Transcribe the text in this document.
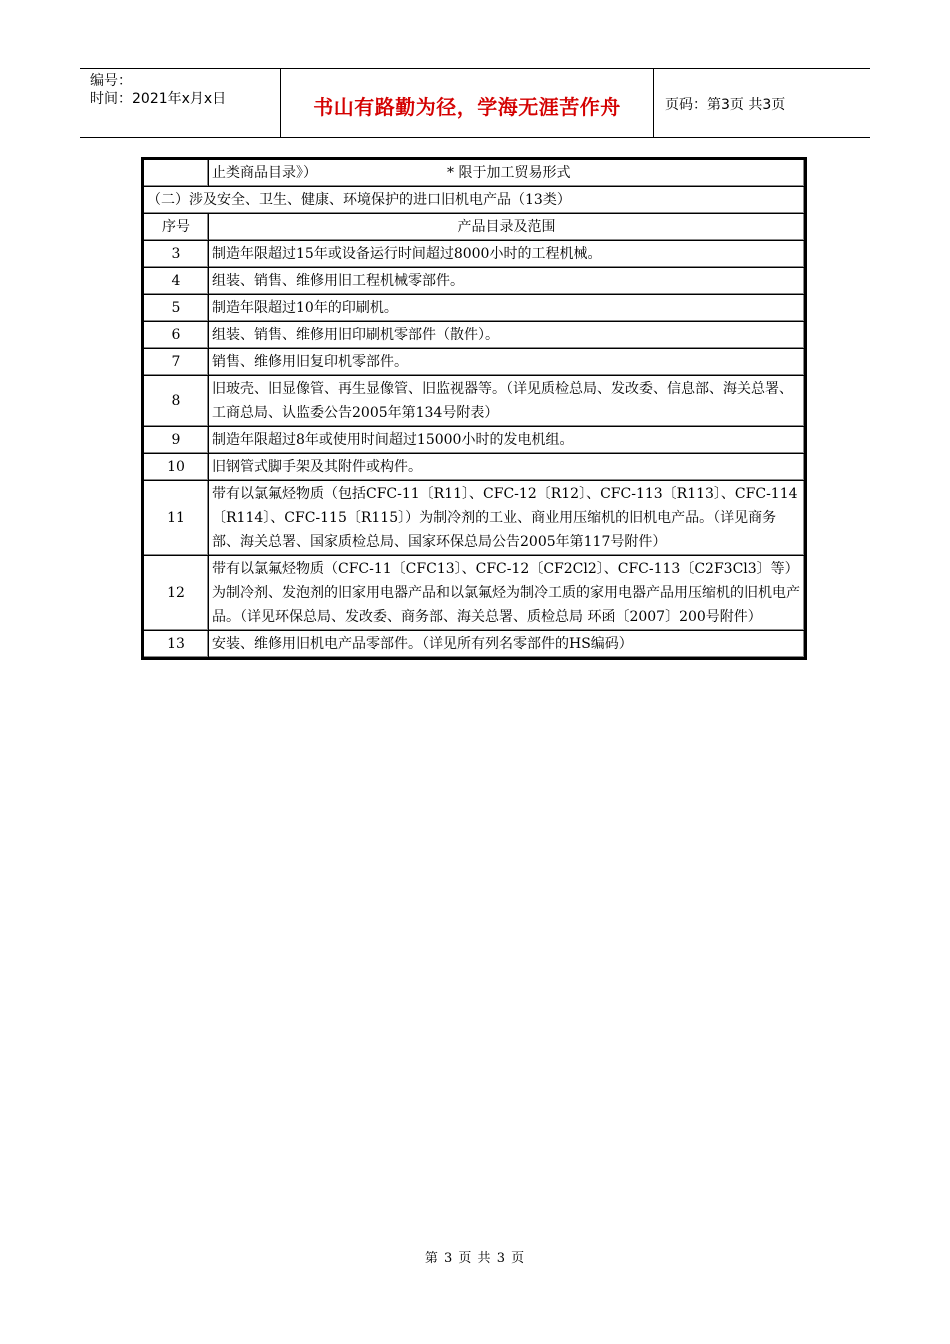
编号：
时间：2021年x月x日	书山有路勤为径，学海无涯苦作舟	页码：第3页 共3页
	止类商品目录》） * 限于加工贸易形式
（二）涉及安全、卫生、健康、环境保护的进口旧机电产品（13类）	
序号	产品目录及范围
3	制造年限超过15年或设备运行时间超过8000小时的工程机械。
4	组装、销售、维修用旧工程机械零部件。
5	制造年限超过10年的印刷机。
6	组装、销售、维修用旧印刷机零部件（散件）。
7	销售、维修用旧复印机零部件。
8	旧玻壳、旧显像管、再生显像管、旧监视器等。（详见质检总局、发改委、信息部、海关总署、工商总局、认监委公告2005年第134号附表）
9	制造年限超过8年或使用时间超过15000小时的发电机组。
10	旧钢管式脚手架及其附件或构件。
11	带有以氯氟烃物质（包括CFC-11〔R11〕、CFC-12〔R12〕、CFC-113〔R113〕、CFC-114〔R114〕、CFC-115〔R115〕）为制冷剂的工业、商业用压缩机的旧机电产品。（详见商务部、海关总署、国家质检总局、国家环保总局公告2005年第117号附件）
12	带有以氯氟烃物质（CFC-11〔CFC13〕、CFC-12〔CF2Cl2〕、CFC-113〔C2F3Cl3〕等）为制冷剂、发泡剂的旧家用电器产品和以氯氟烃为制冷工质的家用电器产品用压缩机的旧机电产品。（详见环保总局、发改委、商务部、海关总署、质检总局 环函〔2007〕200号附件）
13	安装、维修用旧机电产品零部件。（详见所有列名零部件的HS编码）
第 3 页 共 3 页
